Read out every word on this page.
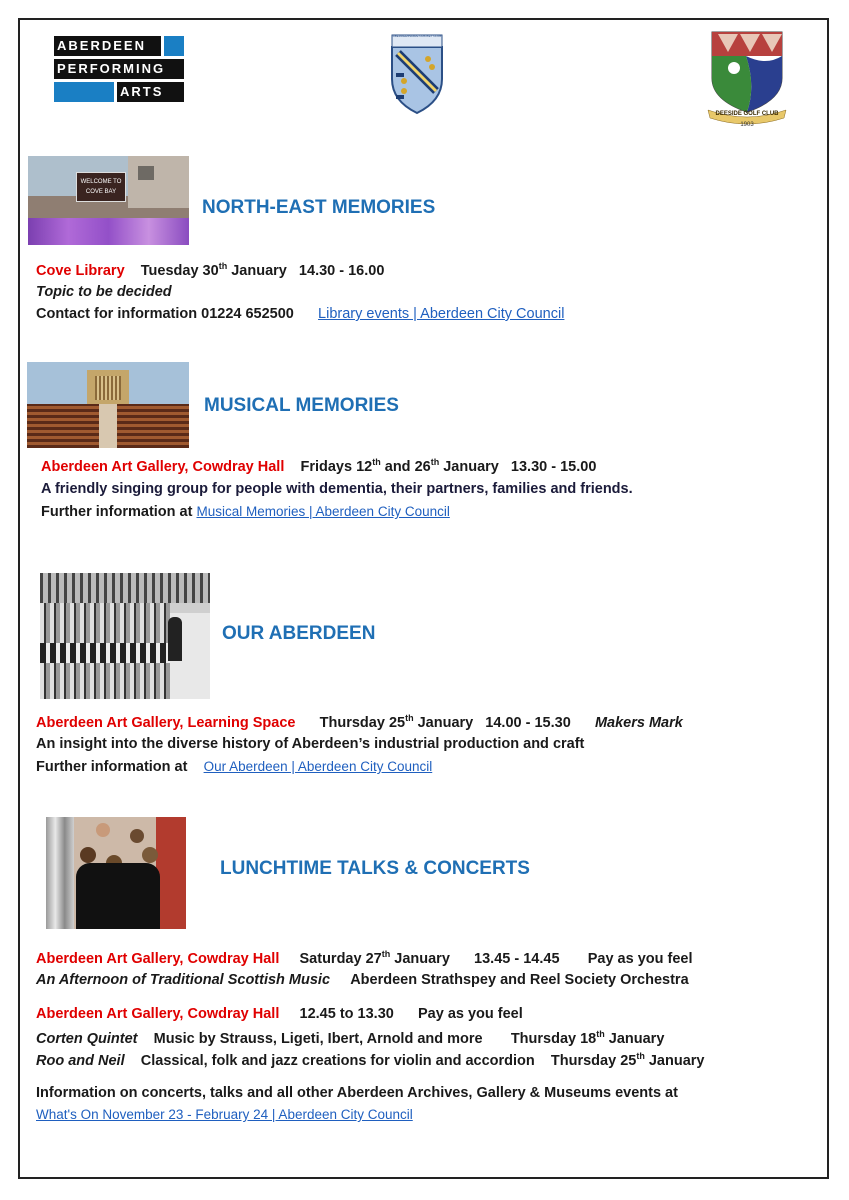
ABERDEEN
PERFORMING
ARTS
ABERDEENSHIRE CRICKET CLUB
DEESIDE GOLF CLUB
1903
WELCOME TO
COVE BAY
NORTH-EAST MEMORIES
Cove Library Tuesday 30th January   14.30 - 16.00
Topic to be decided
Contact for information 01224 652500 Library events | Aberdeen City Council
MUSICAL MEMORIES
Aberdeen Art Gallery, Cowdray Hall Fridays 12th and 26th January   13.30 - 15.00
A friendly singing group for people with dementia, their partners, families and friends.
Further information at Musical Memories | Aberdeen City Council
OUR ABERDEEN
Aberdeen Art Gallery, Learning Space Thursday 25th January   14.00 - 15.30 Makers Mark
An insight into the diverse history of Aberdeen’s industrial production and craft
Further information at Our Aberdeen | Aberdeen City Council
LUNCHTIME TALKS & CONCERTS
Aberdeen Art Gallery, Cowdray Hall Saturday 27th January      13.45 - 14.45       Pay as you feel
An Afternoon of Traditional Scottish Music Aberdeen Strathspey and Reel Society Orchestra
Aberdeen Art Gallery, Cowdray Hall 12.45 to 13.30      Pay as you feel
Corten Quintet Music by Strauss, Ligeti, Ibert, Arnold and more Thursday 18th January
Roo and Neil Classical, folk and jazz creations for violin and accordion Thursday 25th January
Information on concerts, talks and all other Aberdeen Archives, Gallery & Museums events at
What's On November 23 - February 24 | Aberdeen City Council
